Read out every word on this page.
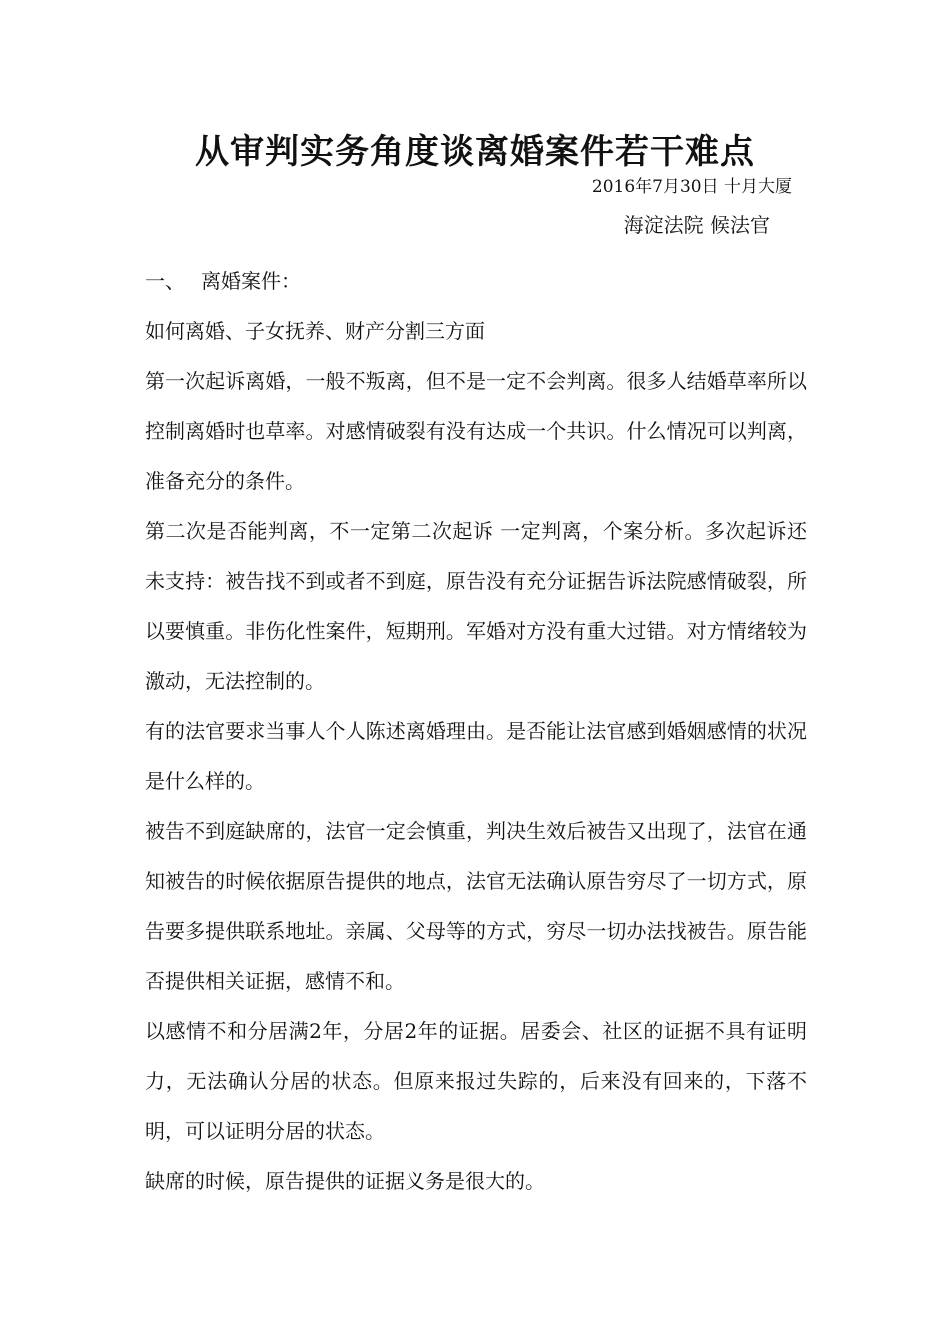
从审判实务角度谈离婚案件若干难点
2016年7月30日 十月大厦
海淀法院 候法官

一、 离婚案件：

如何离婚、子女抚养、财产分割三方面

第一次起诉离婚，一般不叛离，但不是一定不会判离。很多人结婚草率所以控制离婚时也草率。对感情破裂有没有达成一个共识。什么情况可以判离，准备充分的条件。

第二次是否能判离，不一定第二次起诉 一定判离，个案分析。多次起诉还未支持：被告找不到或者不到庭，原告没有充分证据告诉法院感情破裂，所以要慎重。非伤化性案件，短期刑。军婚对方没有重大过错。对方情绪较为激动，无法控制的。

有的法官要求当事人个人陈述离婚理由。是否能让法官感到婚姻感情的状况是什么样的。

被告不到庭缺席的，法官一定会慎重，判决生效后被告又出现了，法官在通知被告的时候依据原告提供的地点，法官无法确认原告穷尽了一切方式，原告要多提供联系地址。亲属、父母等的方式，穷尽一切办法找被告。原告能否提供相关证据，感情不和。

以感情不和分居满2年，分居2年的证据。居委会、社区的证据不具有证明力，无法确认分居的状态。但原来报过失踪的，后来没有回来的，下落不明，可以证明分居的状态。

缺席的时候，原告提供的证据义务是很大的。
